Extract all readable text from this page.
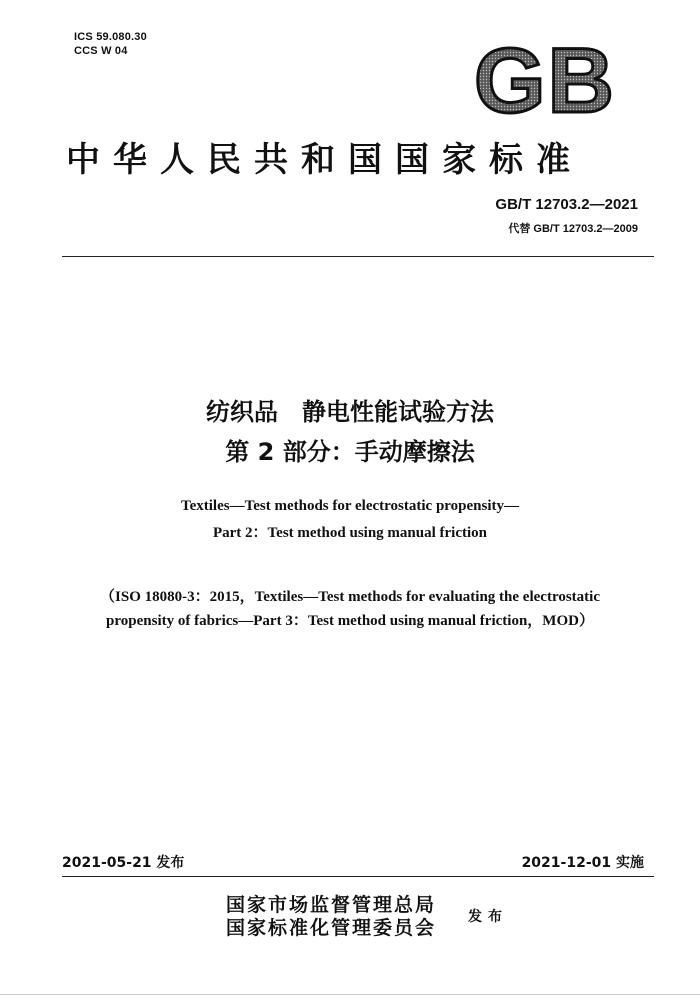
ICS 59.080.30
CCS W 04	GB
中华人民共和国国家标准
GB/T 12703.2—2021
代替 GB/T 12703.2—2009
纺织品　静电性能试验方法
第 2 部分：手动摩擦法
Textiles—Test methods for electrostatic propensity—
Part 2：Test method using manual friction
（ISO 18080-3：2015，Textiles—Test methods for evaluating the electrostatic
propensity of fabrics—Part 3：Test method using manual friction，MOD）
2021-05-21 发布	2021-12-01 实施
国家市场监督管理总局
国家标准化管理委员会 发布
